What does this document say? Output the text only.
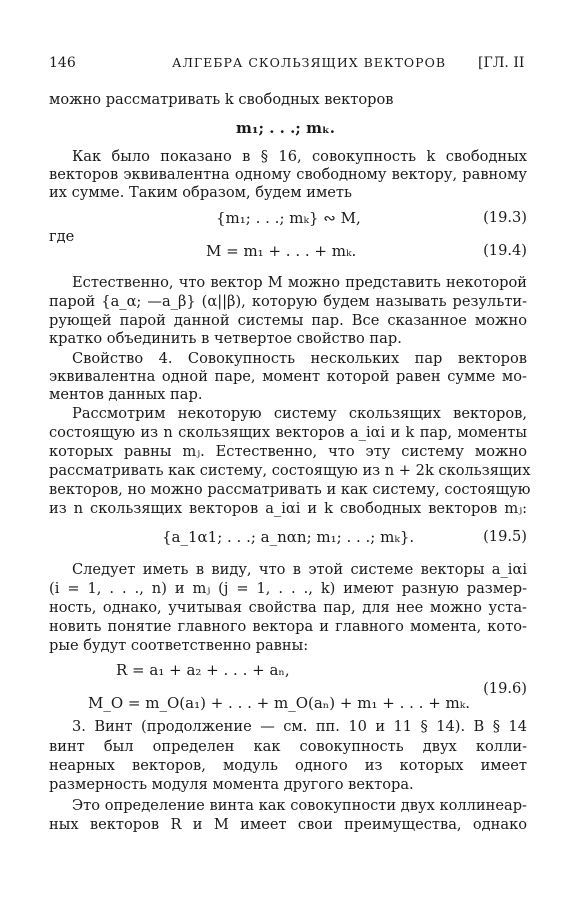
146	АЛГЕБРА СКОЛЬЗЯЩИХ ВЕКТОРОВ [ГЛ. II
можно рассматривать k свободных векторов
m₁; . . .; mₖ.
Как было показано в § 16, совокупность k свободных
векторов эквивалентна одному свободному вектору, равному
их сумме. Таким образом, будем иметь
{m₁; . . .; mₖ} ∾ M,	(19.3)
где
M = m₁ + . . . + mₖ.	(19.4)
Естественно, что вектор M можно представить некоторой
парой {a_α; —a_β} (α||β), которую будем называть результи-
рующей парой данной системы пар. Все сказанное можно
кратко объединить в четвертое свойство пар.
Свойство 4. Совокупность нескольких пар векторов
эквивалентна одной паре, момент которой равен сумме мо-
ментов данных пар.
Рассмотрим некоторую систему скользящих векторов,
состоящую из n скользящих векторов a_iαi и k пар, моменты
которых равны mⱼ. Естественно, что эту систему можно
рассматривать как систему, состоящую из n + 2k скользящих
векторов, но можно рассматривать и как систему, состоящую
из n скользящих векторов a_iαi и k свободных векторов mⱼ:
{a_1α1; . . .; a_nαn; m₁; . . .; mₖ}.	(19.5)
Следует иметь в виду, что в этой системе векторы a_iαi
(i = 1, . . ., n) и mⱼ (j = 1, . . ., k) имеют разную размер-
ность, однако, учитывая свойства пар, для нее можно уста-
новить понятие главного вектора и главного момента, кото-
рые будут соответственно равны:
R = a₁ + a₂ + . . . + aₙ,
(19.6)
M_O = m_O(a₁) + . . . + m_O(aₙ) + m₁ + . . . + mₖ.
3. Винт (продолжение — см. пп. 10 и 11 § 14). В § 14
винт был определен как совокупность двух колли-
неарных векторов, модуль одного из которых имеет
размерность модуля момента другого вектора.
Это определение винта как совокупности двух коллинеар-
ных векторов R и M имеет свои преимущества, однако
